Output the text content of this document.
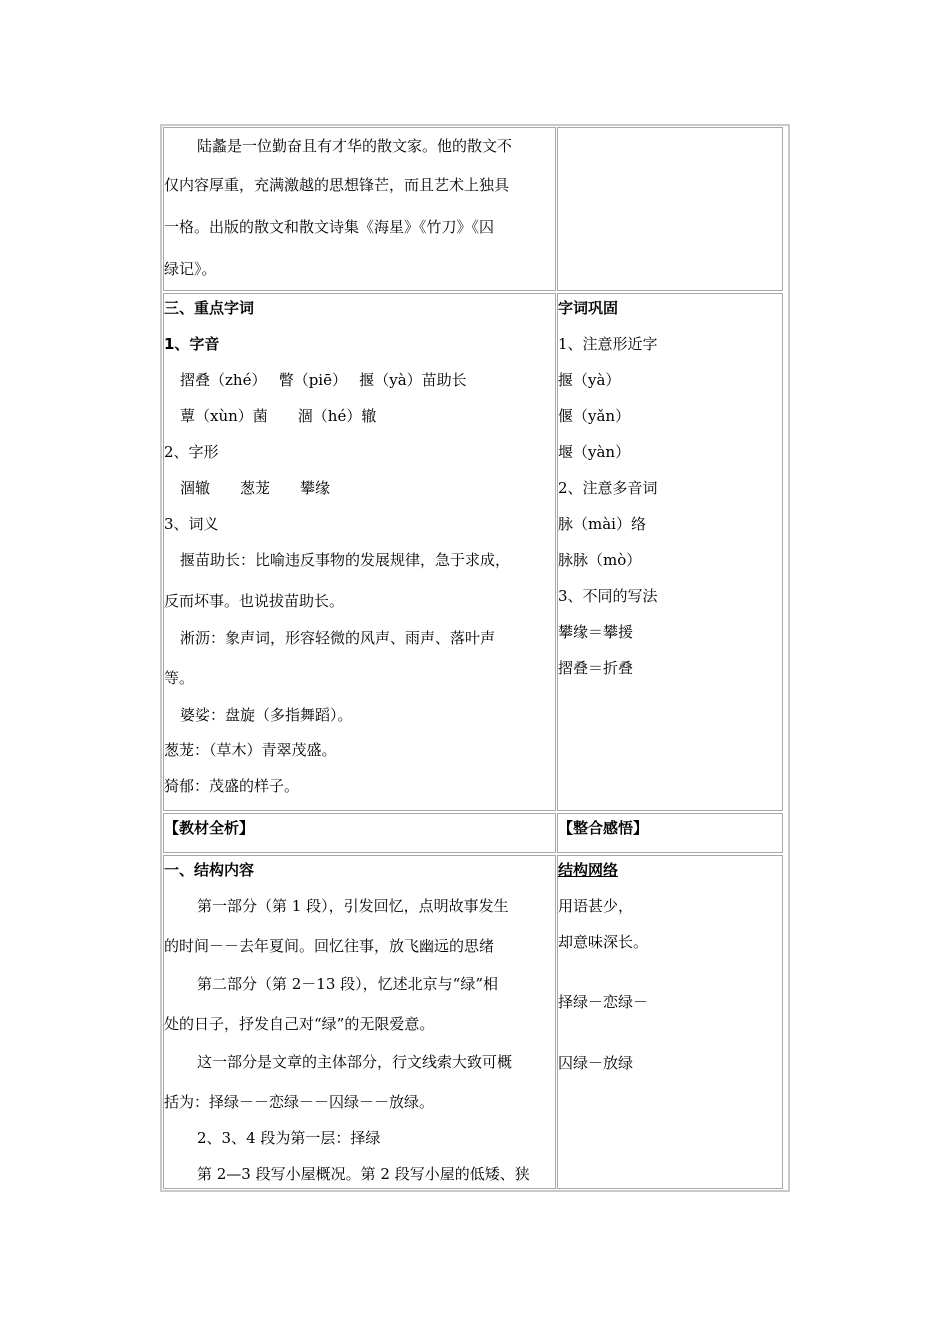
陆蠡是一位勤奋且有才华的散文家。他的散文不
仅内容厚重，充满激越的思想锋芒，而且艺术上独具
一格。出版的散文和散文诗集《海星》《竹刀》《囚
绿记》。
三、重点字词
1、字音
摺叠（zhé）　 瞥（piē）　 揠（yà）苗助长
蕈（xùn）菌　　涸（hé）辙
2、字形
涸辙　　葱茏　　攀缘
3、词义
揠苗助长：比喻违反事物的发展规律，急于求成，
反而坏事。也说拔苗助长。
淅沥：象声词，形容轻微的风声、雨声、落叶声
等。
婆娑：盘旋（多指舞蹈）。
葱茏：（草木）青翠茂盛。
猗郁：茂盛的样子。
字词巩固
1、注意形近字
揠（yà）
偃（yǎn）
堰（yàn）
2、注意多音词
脉（mài）络
脉脉（mò）
3、不同的写法
攀缘＝攀援
摺叠＝折叠
【教材全析】	【整合感悟】
一、结构内容
第一部分（第 1 段），引发回忆，点明故事发生
的时间－－去年夏间。回忆往事，放飞幽远的思绪
第二部分（第 2－13 段），忆述北京与“绿”相
处的日子，抒发自己对“绿”的无限爱意。
这一部分是文章的主体部分，行文线索大致可概
括为：择绿－－恋绿－－囚绿－－放绿。
2、3、4 段为第一层：择绿
第 2—3 段写小屋概况。第 2 段写小屋的低矮、狭
结构网络
用语甚少，
却意味深长。
择绿－恋绿－
囚绿－放绿
